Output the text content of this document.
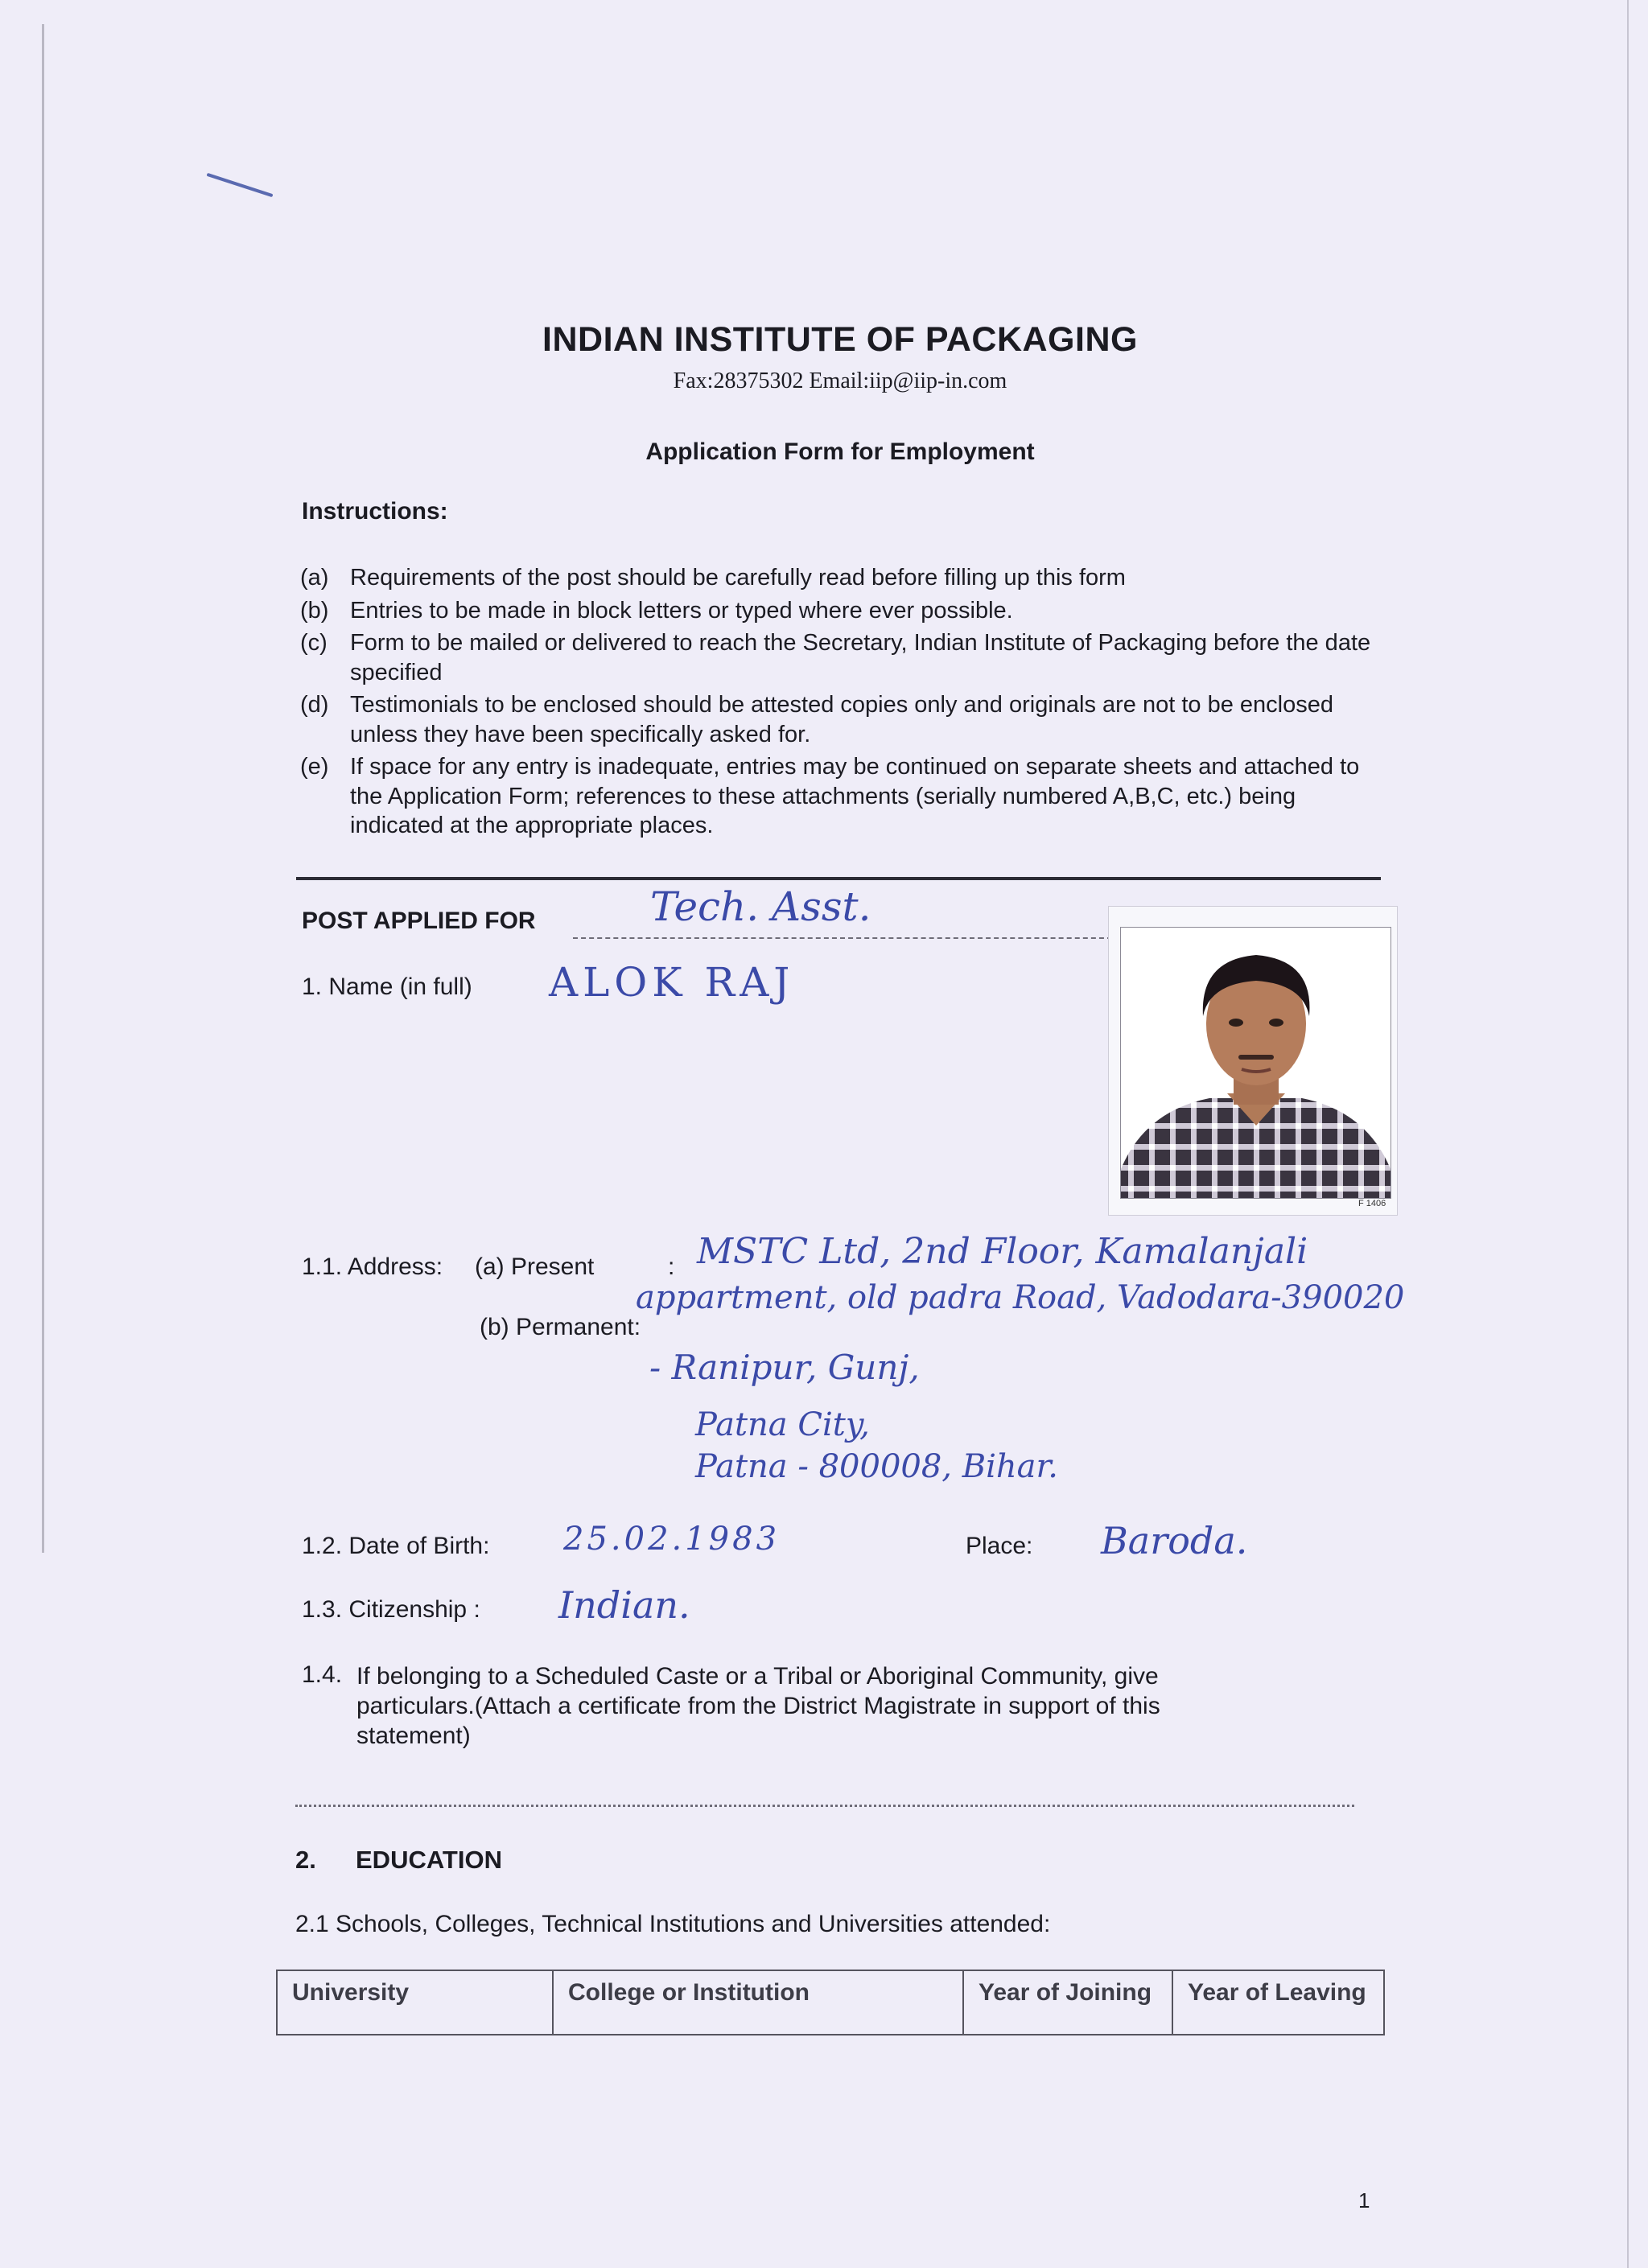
INDIAN INSTITUTE OF PACKAGING
Fax:28375302 Email:iip@iip-in.com
Application Form for Employment
Instructions:
(a) Requirements of the post should be carefully read before filling up this form
(b) Entries to be made in block letters or typed where ever possible.
(c) Form to be mailed or delivered to reach the Secretary, Indian Institute of Packaging before the date specified
(d) Testimonials to be enclosed should be attested copies only and originals are not to be enclosed unless they have been specifically asked for.
(e) If space for any entry is inadequate, entries may be continued on separate sheets and attached to the Application Form; references to these attachments (serially numbered A,B,C, etc.) being indicated at the appropriate places.
POST APPLIED FOR	Tech. Asst.
1. Name (in full) ALOK RAJ
F 1406
1.1. Address: (a) Present	: MSTC Ltd, 2nd Floor, Kamalanjali
appartment, old padra Road, Vadodara-390020
(b) Permanent:
- Ranipur, Gunj,
Patna City,
Patna - 800008, Bihar.
1.2. Date of Birth: 25.02.1983	Place: Baroda.
1.3. Citizenship : Indian.
1.4. If belonging to a Scheduled Caste or a Tribal or Aboriginal Community, give particulars.(Attach a certificate from the District Magistrate in support of this statement)
2. EDUCATION
2.1 Schools, Colleges, Technical Institutions and Universities attended:
University	College or Institution	Year of Joining	Year of Leaving
1
